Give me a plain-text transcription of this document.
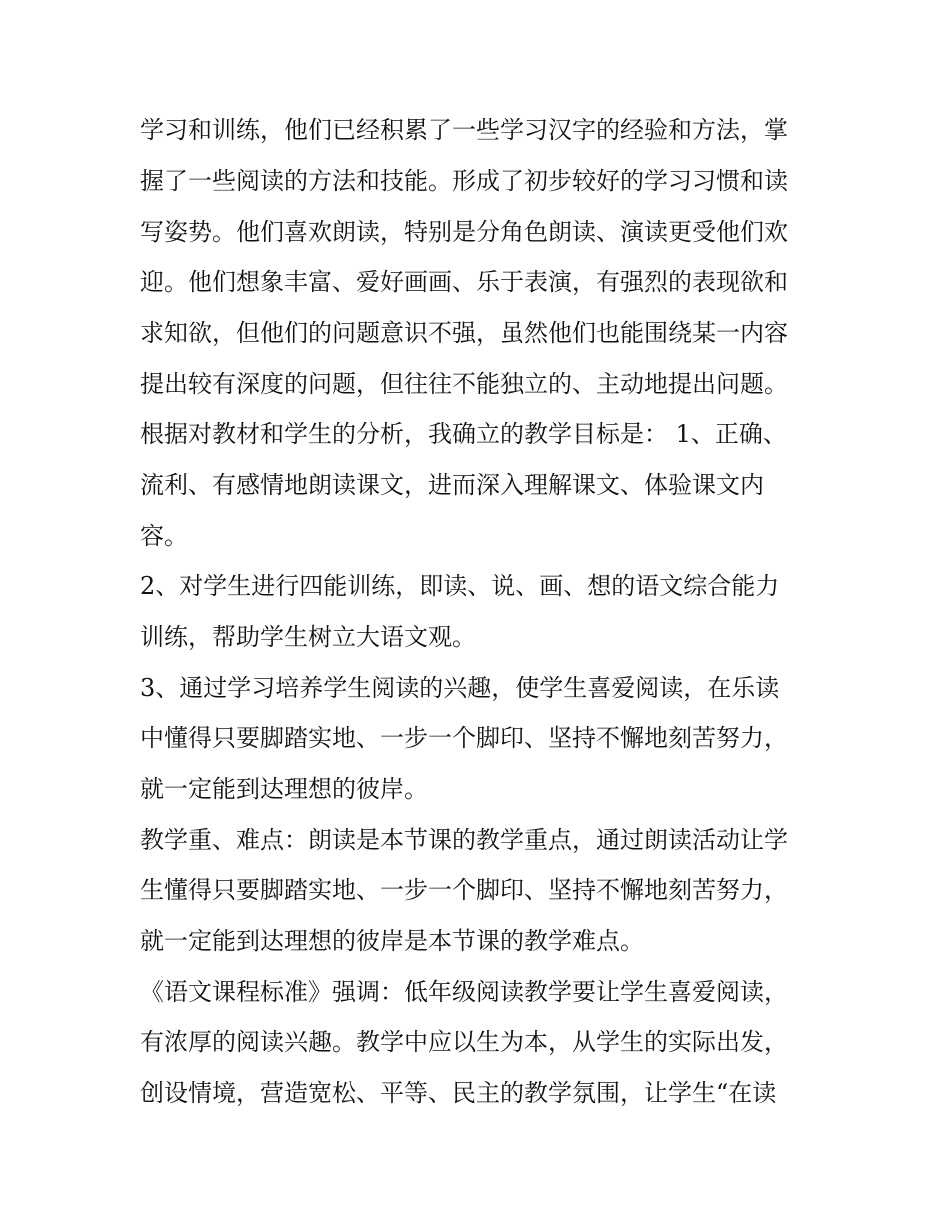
学习和训练，他们已经积累了一些学习汉字的经验和方法，掌
握了一些阅读的方法和技能。形成了初步较好的学习习惯和读
写姿势。他们喜欢朗读，特别是分角色朗读、演读更受他们欢
迎。他们想象丰富、爱好画画、乐于表演，有强烈的表现欲和
求知欲，但他们的问题意识不强，虽然他们也能围绕某一内容
提出较有深度的问题，但往往不能独立的、主动地提出问题。
根据对教材和学生的分析，我确立的教学目标是： 1、正确、
流利、有感情地朗读课文，进而深入理解课文、体验课文内
容。
2、对学生进行四能训练，即读、说、画、想的语文综合能力
训练，帮助学生树立大语文观。
3、通过学习培养学生阅读的兴趣，使学生喜爱阅读，在乐读
中懂得只要脚踏实地、一步一个脚印、坚持不懈地刻苦努力，
就一定能到达理想的彼岸。
教学重、难点：朗读是本节课的教学重点，通过朗读活动让学
生懂得只要脚踏实地、一步一个脚印、坚持不懈地刻苦努力，
就一定能到达理想的彼岸是本节课的教学难点。
《语文课程标准》强调：低年级阅读教学要让学生喜爱阅读，
有浓厚的阅读兴趣。教学中应以生为本，从学生的实际出发，
创设情境，营造宽松、平等、民主的教学氛围，让学生“在读
